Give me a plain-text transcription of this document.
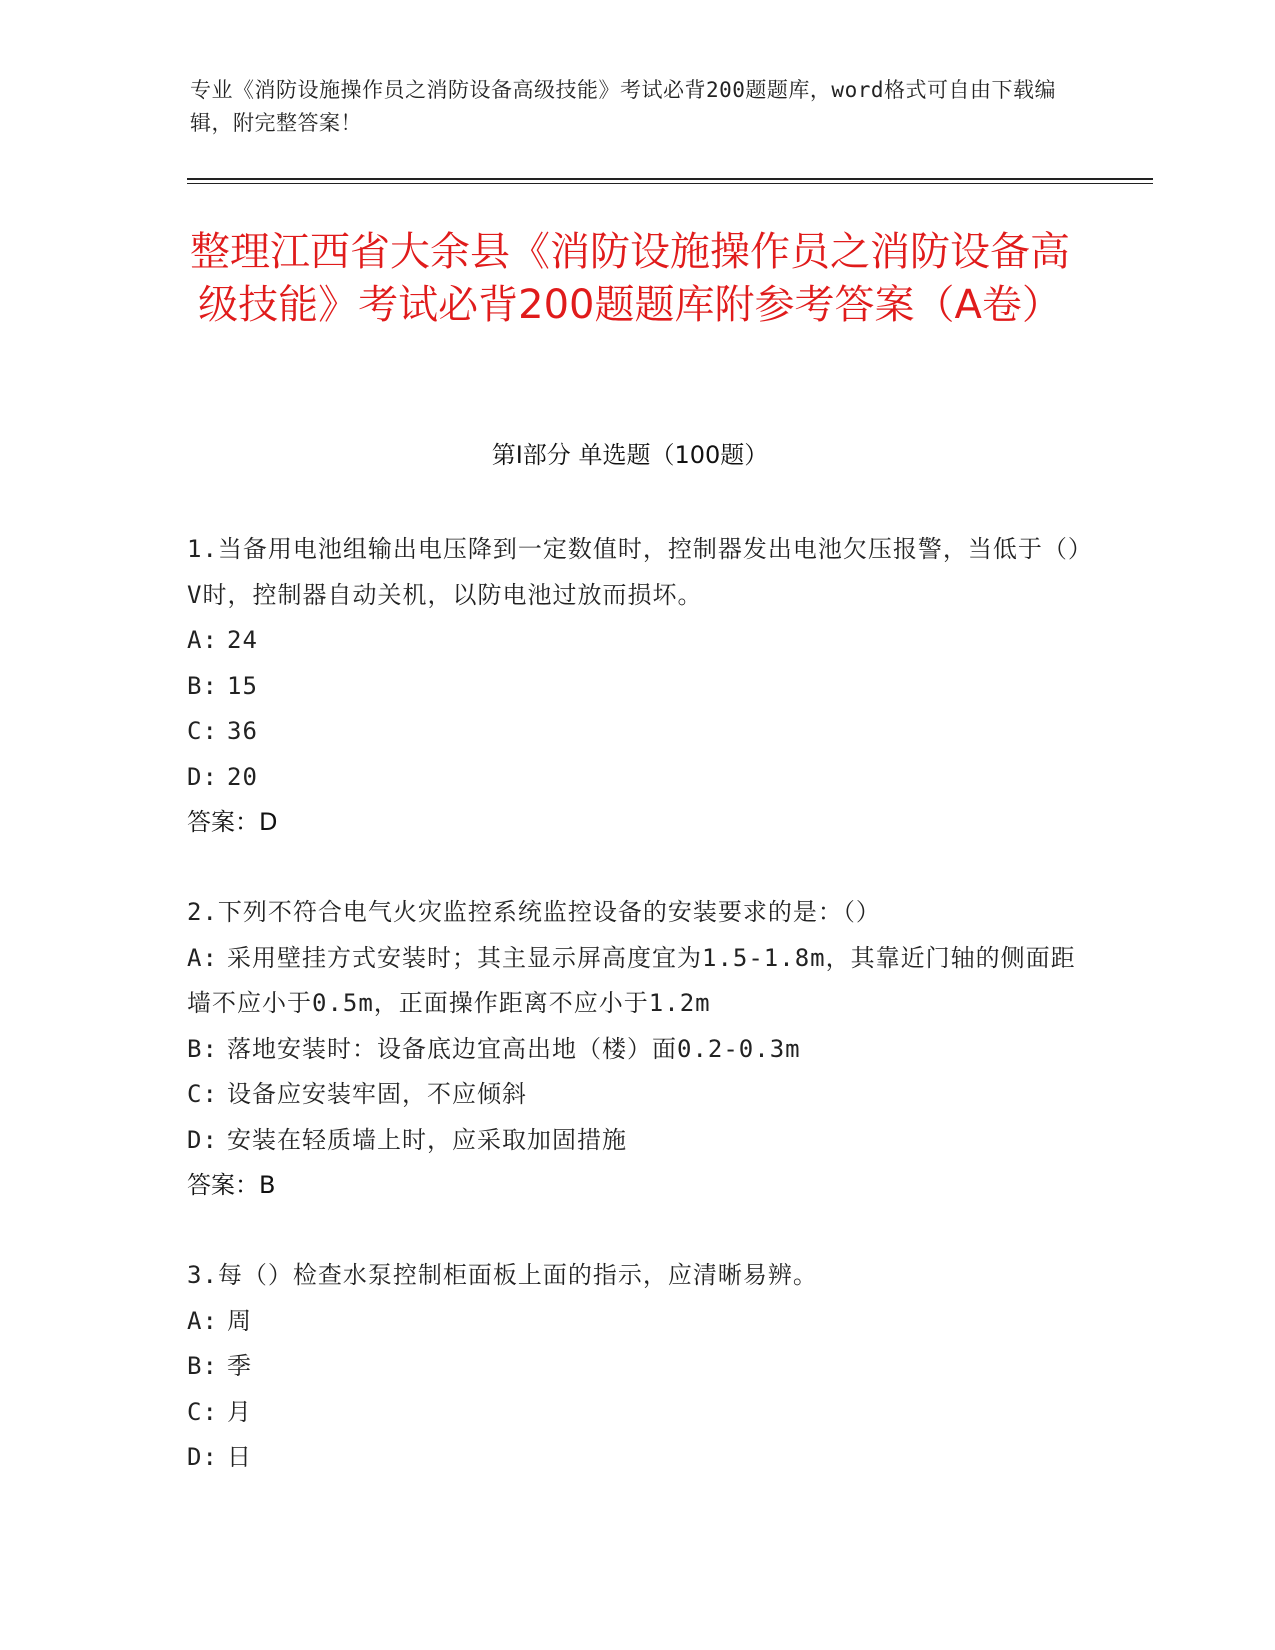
专业《消防设施操作员之消防设备高级技能》考试必背200题题库，word格式可自由下载编辑，附完整答案！
整理江西省大余县《消防设施操作员之消防设备高级技能》考试必背200题题库附参考答案（A卷）
第I部分 单选题（100题）
1.当备用电池组输出电压降到一定数值时，控制器发出电池欠压报警，当低于（）V时，控制器自动关机，以防电池过放而损坏。
A: 24
B: 15
C: 36
D: 20
答案：D
2.下列不符合电气火灾监控系统监控设备的安装要求的是：（）
A: 采用壁挂方式安装时；其主显示屏高度宜为1.5-1.8m，其靠近门轴的侧面距墙不应小于0.5m，正面操作距离不应小于1.2m
B: 落地安装时：设备底边宜高出地（楼）面0.2-0.3m
C: 设备应安装牢固，不应倾斜
D: 安装在轻质墙上时，应采取加固措施
答案：B
3.每（）检查水泵控制柜面板上面的指示，应清晰易辨。
A: 周
B: 季
C: 月
D: 日
